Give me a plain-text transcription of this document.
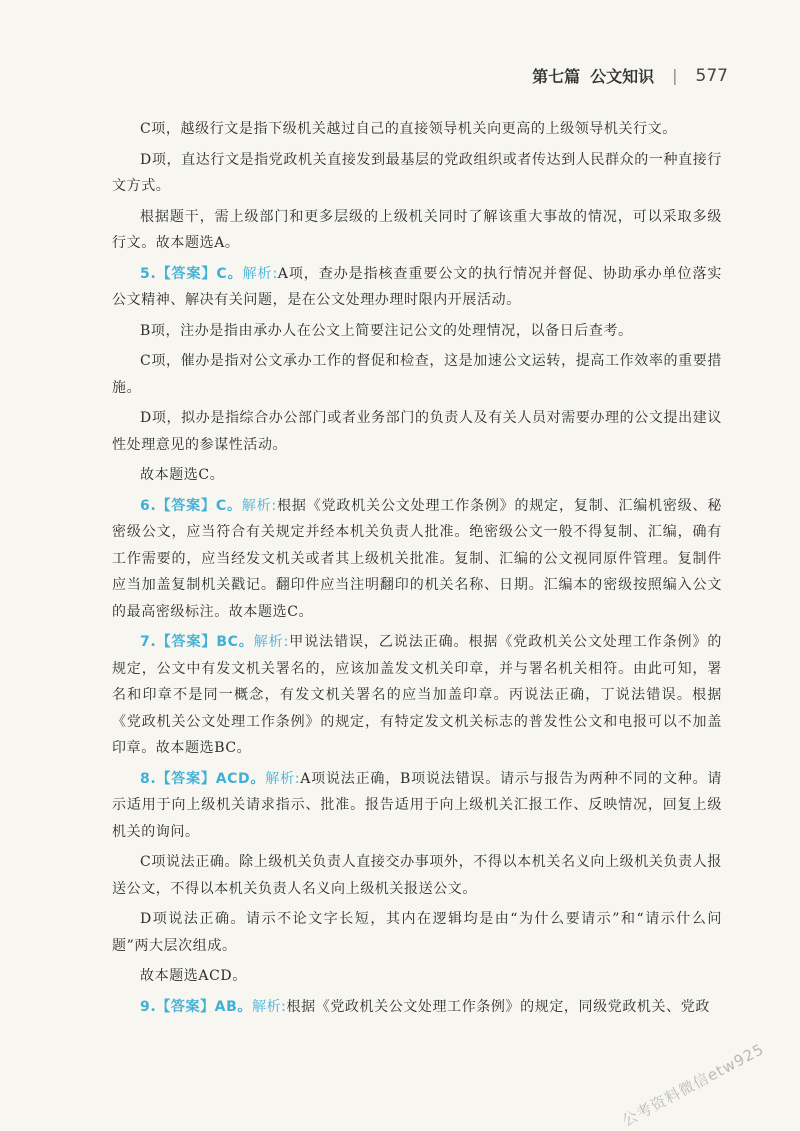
第七篇 公文知识 | 577

C项，越级行文是指下级机关越过自己的直接领导机关向更高的上级领导机关行文。

D项，直达行文是指党政机关直接发到最基层的党政组织或者传达到人民群众的一种直接行文方式。

根据题干，需上级部门和更多层级的上级机关同时了解该重大事故的情况，可以采取多级行文。故本题选A。

5.【答案】C。解析:A项，查办是指核查重要公文的执行情况并督促、协助承办单位落实公文精神、解决有关问题，是在公文处理办理时限内开展活动。

B项，注办是指由承办人在公文上简要注记公文的处理情况，以备日后查考。

C项，催办是指对公文承办工作的督促和检查，这是加速公文运转，提高工作效率的重要措施。

D项，拟办是指综合办公部门或者业务部门的负责人及有关人员对需要办理的公文提出建议性处理意见的参谋性活动。

故本题选C。

6.【答案】C。解析:根据《党政机关公文处理工作条例》的规定，复制、汇编机密级、秘密级公文，应当符合有关规定并经本机关负责人批准。绝密级公文一般不得复制、汇编，确有工作需要的，应当经发文机关或者其上级机关批准。复制、汇编的公文视同原件管理。复制件应当加盖复制机关戳记。翻印件应当注明翻印的机关名称、日期。汇编本的密级按照编入公文的最高密级标注。故本题选C。

7.【答案】BC。解析:甲说法错误，乙说法正确。根据《党政机关公文处理工作条例》的规定，公文中有发文机关署名的，应该加盖发文机关印章，并与署名机关相符。由此可知，署名和印章不是同一概念，有发文机关署名的应当加盖印章。丙说法正确，丁说法错误。根据《党政机关公文处理工作条例》的规定，有特定发文机关标志的普发性公文和电报可以不加盖印章。故本题选BC。

8.【答案】ACD。解析:A项说法正确，B项说法错误。请示与报告为两种不同的文种。请示适用于向上级机关请求指示、批准。报告适用于向上级机关汇报工作、反映情况，回复上级机关的询问。

C项说法正确。除上级机关负责人直接交办事项外，不得以本机关名义向上级机关负责人报送公文，不得以本机关负责人名义向上级机关报送公文。

D项说法正确。请示不论文字长短，其内在逻辑均是由“为什么要请示”和“请示什么问题”两大层次组成。

故本题选ACD。

9.【答案】AB。解析:根据《党政机关公文处理工作条例》的规定，同级党政机关、党政

公考资料微信etw925
